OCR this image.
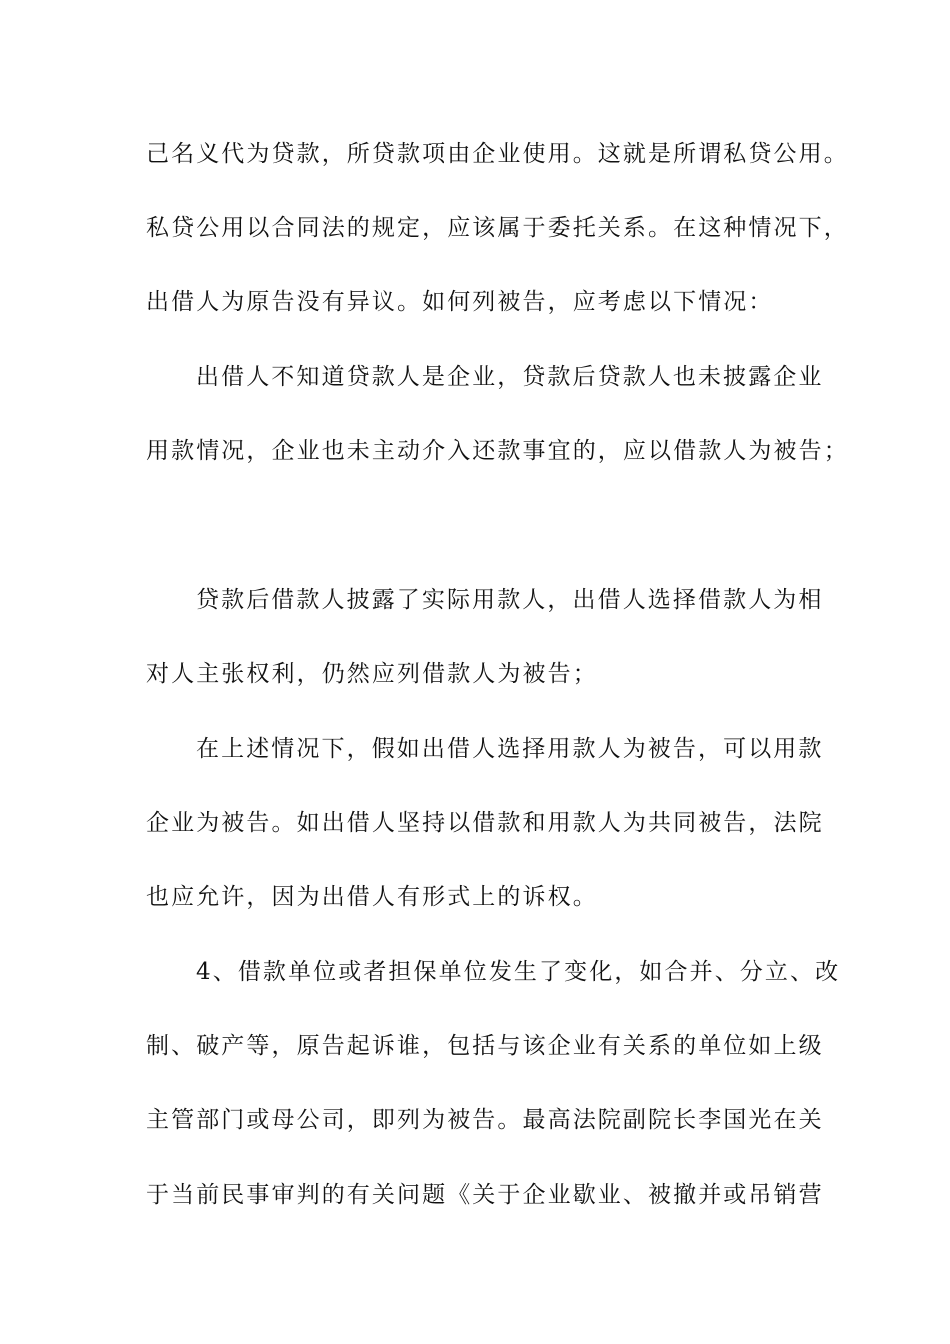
己名义代为贷款，所贷款项由企业使用。这就是所谓私贷公用。
私贷公用以合同法的规定，应该属于委托关系。在这种情况下，
出借人为原告没有异议。如何列被告，应考虑以下情况：
出借人不知道贷款人是企业，贷款后贷款人也未披露企业
用款情况，企业也未主动介入还款事宜的，应以借款人为被告；
贷款后借款人披露了实际用款人，出借人选择借款人为相
对人主张权利，仍然应列借款人为被告；
在上述情况下，假如出借人选择用款人为被告，可以用款
企业为被告。如出借人坚持以借款和用款人为共同被告，法院
也应允许，因为出借人有形式上的诉权。
4、借款单位或者担保单位发生了变化，如合并、分立、改
制、破产等，原告起诉谁，包括与该企业有关系的单位如上级
主管部门或母公司，即列为被告。最高法院副院长李国光在关
于当前民事审判的有关问题《关于企业歇业、被撤并或吊销营
